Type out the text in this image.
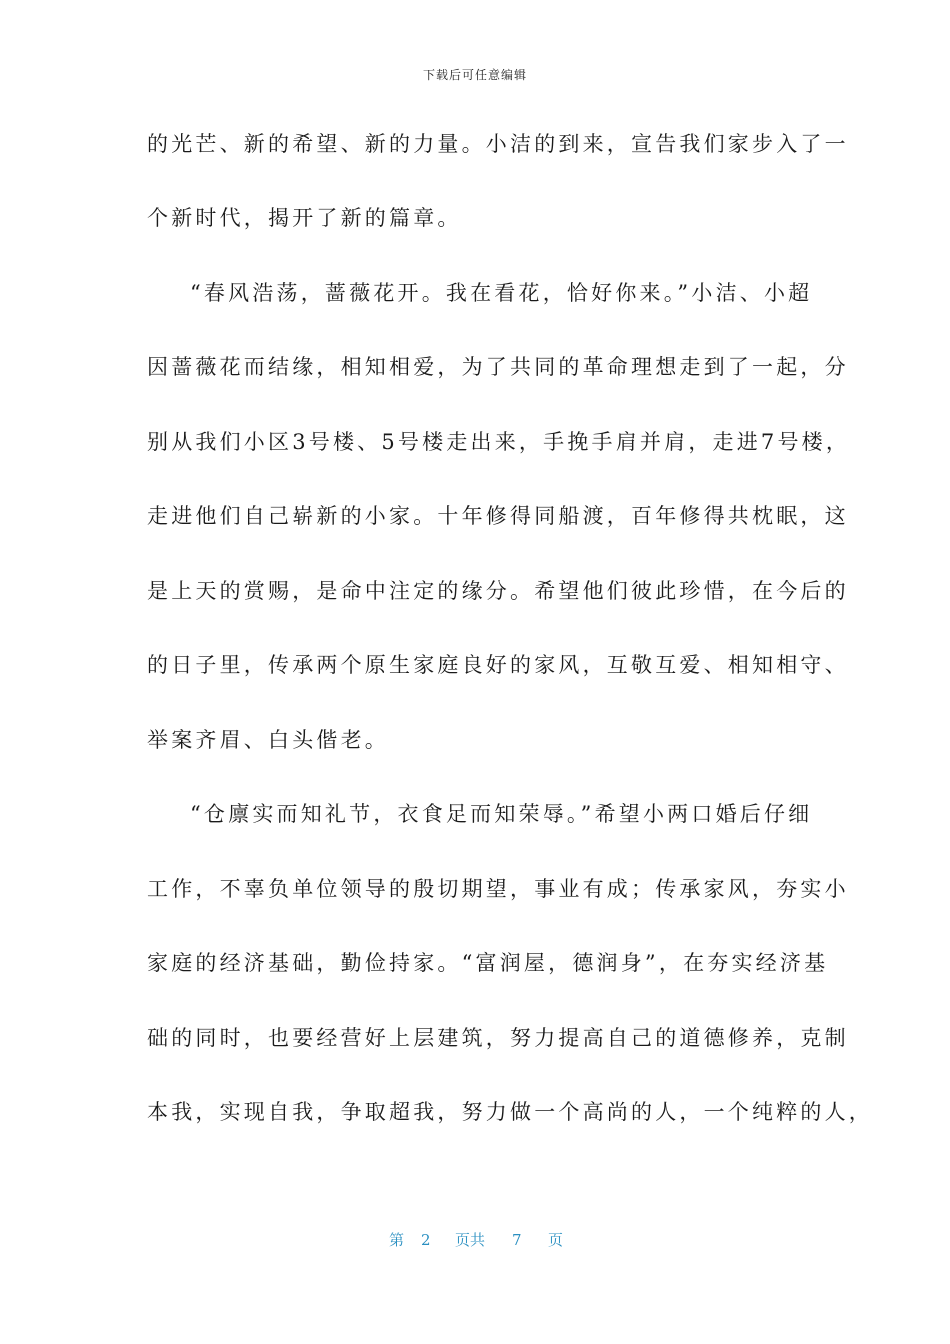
下载后可任意编辑
的光芒、新的希望、新的力量。小洁的到来，宣告我们家步入了一
个新时代，揭开了新的篇章。
“春风浩荡，蔷薇花开。我在看花，恰好你来。”小洁、小超
因蔷薇花而结缘，相知相爱，为了共同的革命理想走到了一起，分
别从我们小区3号楼、5号楼走出来，手挽手肩并肩，走进7号楼，
走进他们自己崭新的小家。十年修得同船渡，百年修得共枕眠，这
是上天的赏赐，是命中注定的缘分。希望他们彼此珍惜，在今后的
的日子里，传承两个原生家庭良好的家风，互敬互爱、相知相守、
举案齐眉、白头偕老。
“仓廪实而知礼节，衣食足而知荣辱。”希望小两口婚后仔细
工作，不辜负单位领导的殷切期望，事业有成；传承家风，夯实小
家庭的经济基础，勤俭持家。“富润屋，德润身”，在夯实经济基
础的同时，也要经营好上层建筑，努力提高自己的道德修养，克制
本我，实现自我，争取超我，努力做一个高尚的人，一个纯粹的人，
第 2 页共 7 页
